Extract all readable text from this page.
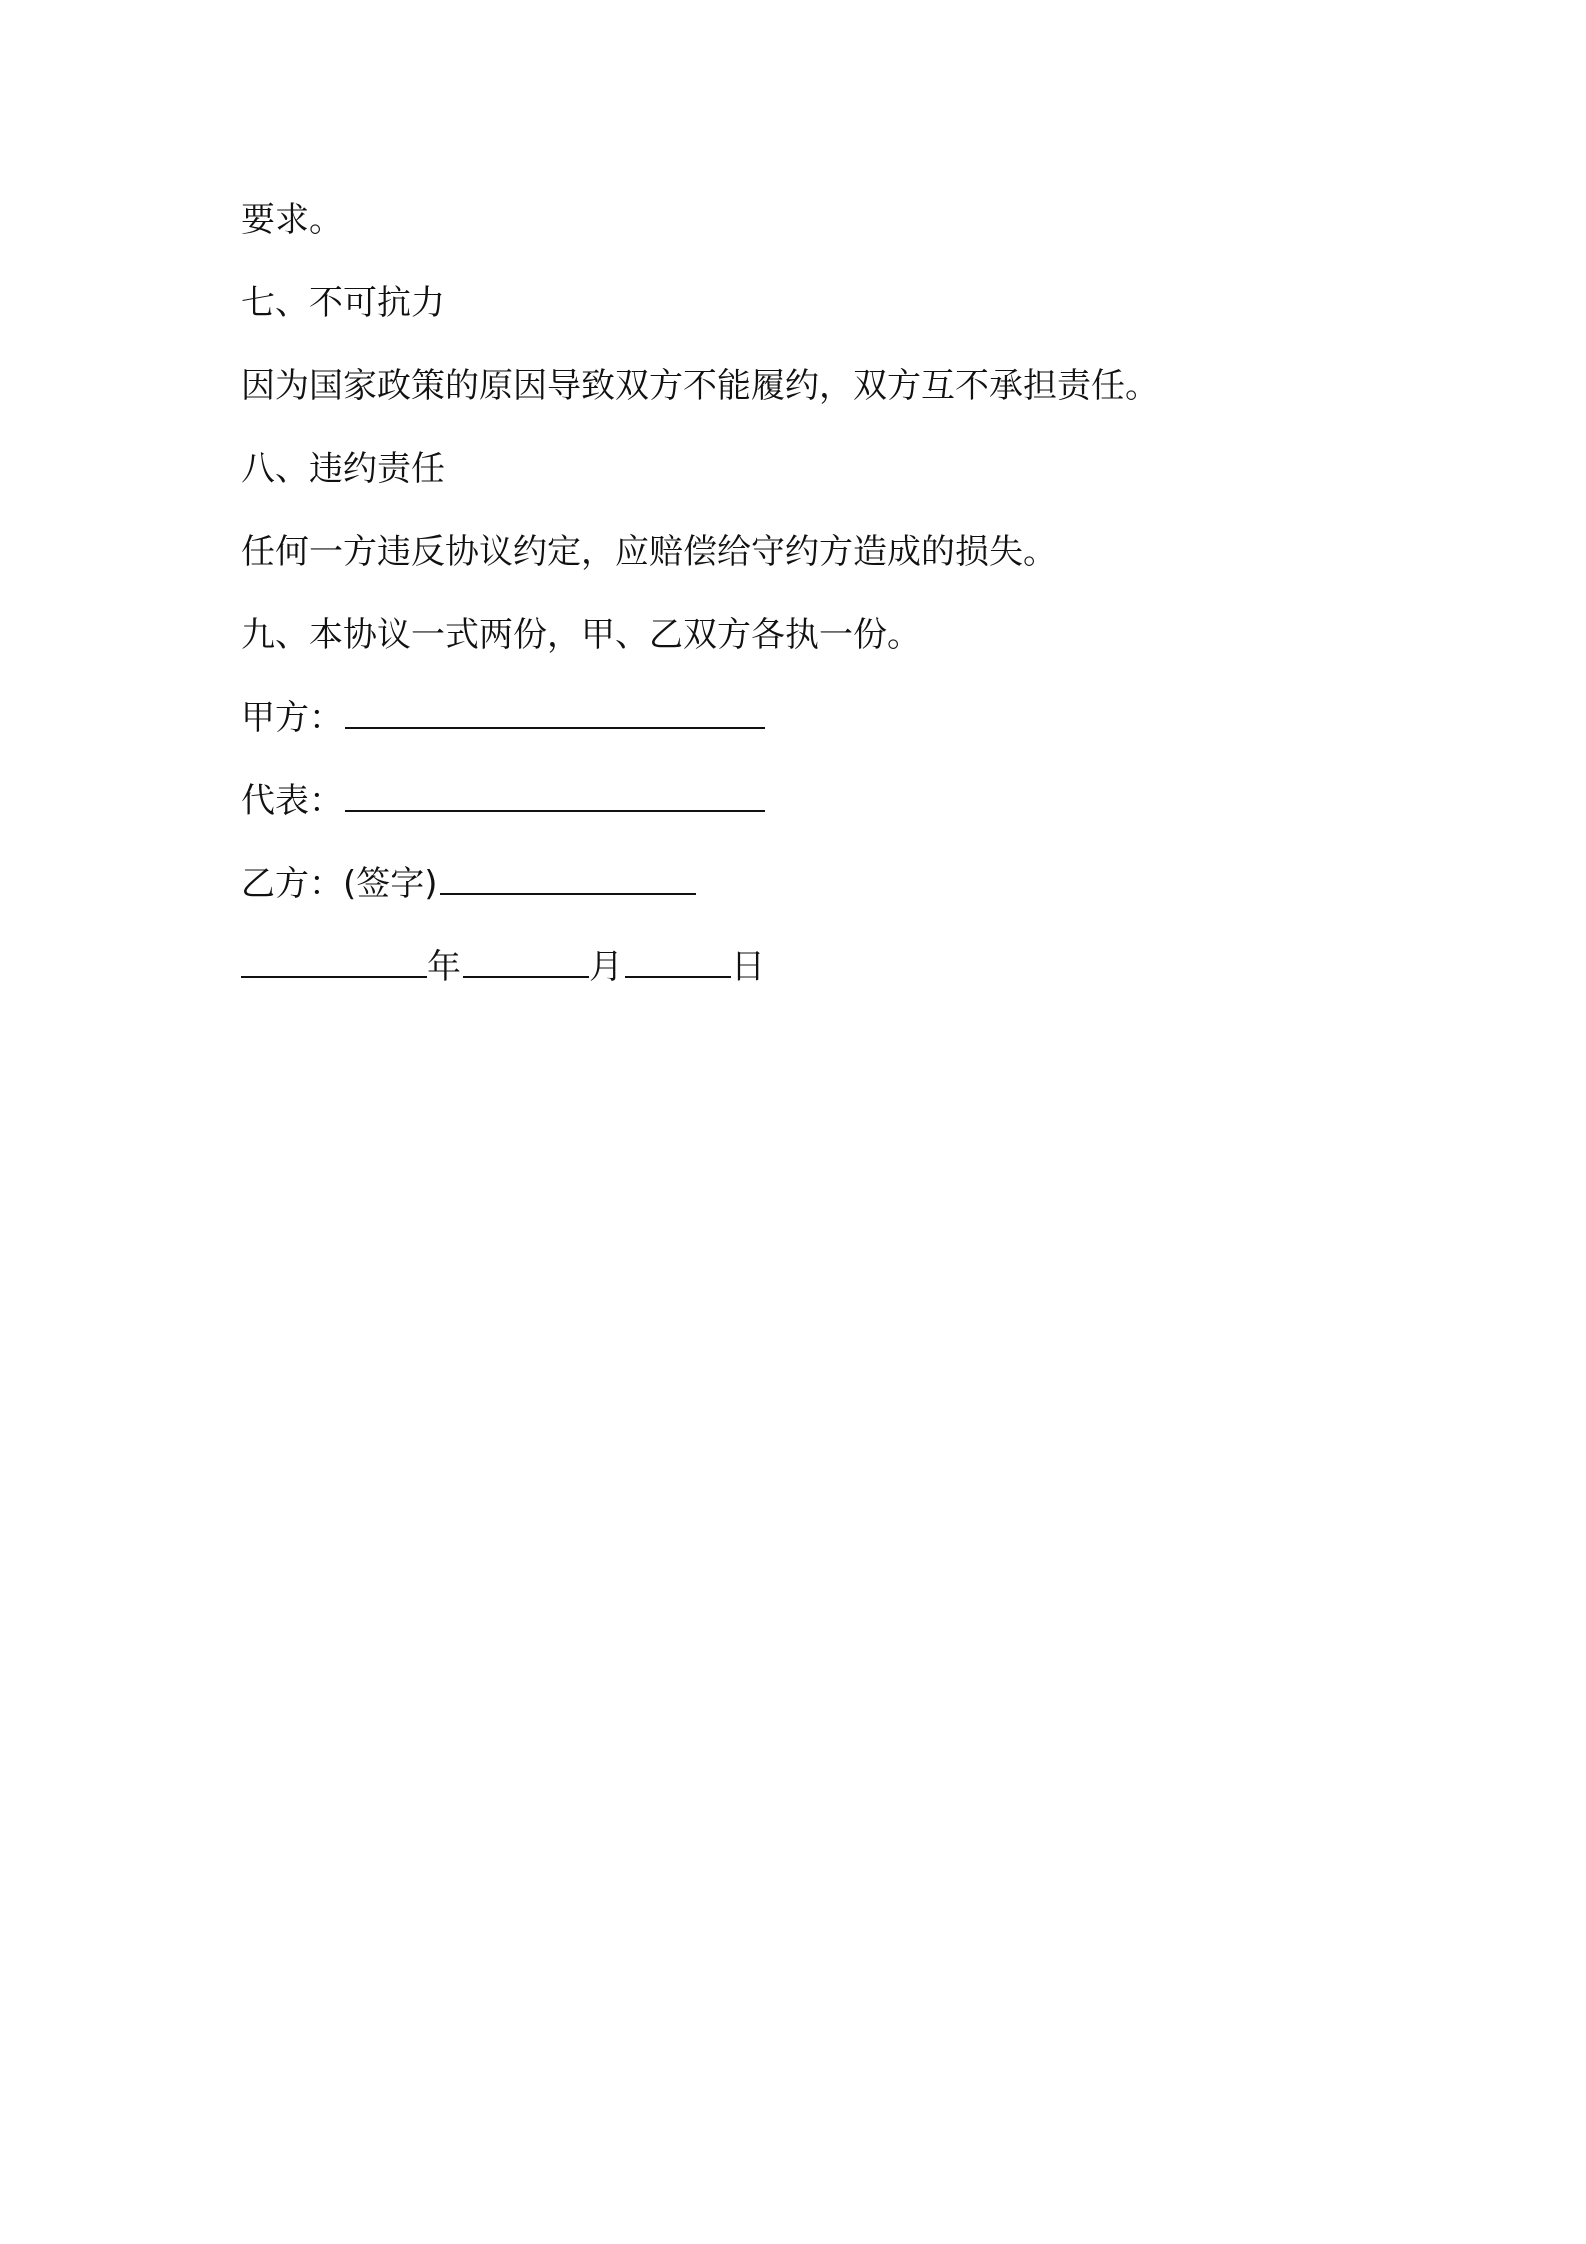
要求。
七、不可抗力
因为国家政策的原因导致双方不能履约，双方互不承担责任。
八、违约责任
任何一方违反协议约定，应赔偿给守约方造成的损失。
九、本协议一式两份，甲、乙双方各执一份。
甲方：
代表：
乙方：(签字)
年	月	日
